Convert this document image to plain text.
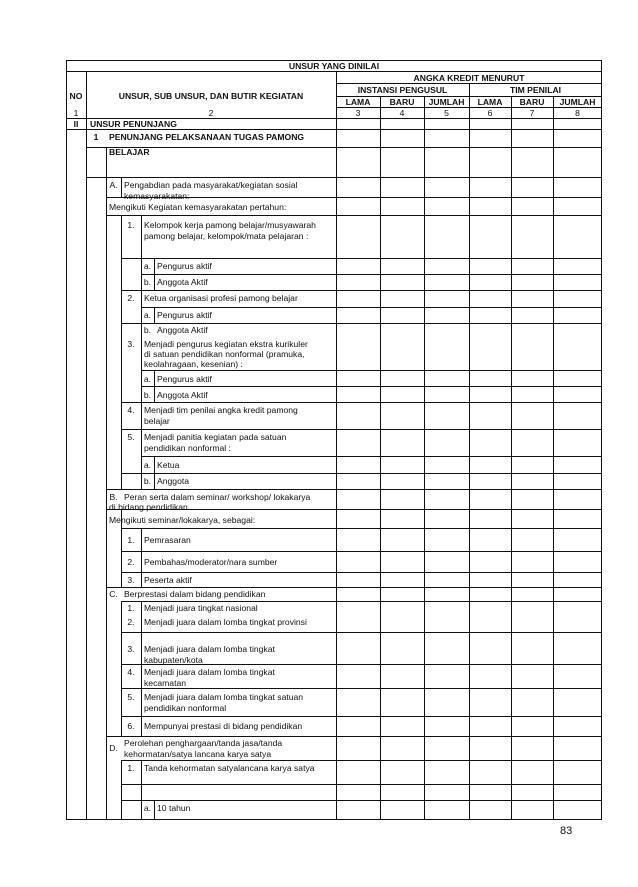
UNSUR YANG DINILAI
NO	UNSUR, SUB UNSUR, DAN BUTIR KEGIATAN
ANGKA KREDIT MENURUT
INSTANSI PENGUSUL	TIM PENILAI
LAMA	BARU	JUMLAH	LAMA	BARU	JUMLAH
1	2	3	4	5	6	7	8
II	UNSUR PENUNJANG
1	PENUNJANG PELAKSANAAN TUGAS PAMONG
BELAJAR
A. Pengabdian pada masyarakat/kegiatan sosial
kemasyarakatan:
Mengikuti Kegiatan kemasyarakatan pertahun:
1.	Kelompok kerja pamong belajar/musyawarah
pamong belajar, kelompok/mata pelajaran :
a. Pengurus aktif
b. Anggota Aktif
2.	Ketua organisasi profesi pamong belajar
a. Pengurus aktif
b. Anggota Aktif
3.	Menjadi pengurus kegiatan ekstra kurikuler
di satuan pendidikan nonformal (pramuka,
keolahragaan, kesenian) :
a. Pengurus aktif
b. Anggota Aktif
4.	Menjadi tim penilai angka kredit pamong
belajar
5.	Menjadi panitia kegiatan pada satuan
pendidikan nonformal :
a. Ketua
b. Anggota
B. Peran serta dalam seminar/ workshop/ lokakarya
di bidang pendidikan
Mengikuti seminar/lokakarya, sebagai:
1.	Pemrasaran
2.	Pembahas/moderator/nara sumber
3.	Peserta aktif
C. Berprestasi dalam bidang pendidikan
1.	Menjadi juara tingkat nasional
2.	Menjadi juara dalam lomba tingkat provinsi
3.	Menjadi juara dalam lomba tingkat
kabupaten/kota
4.	Menjadi juara dalam lomba tingkat
kecamatan
5.	Menjadi juara dalam lomba tingkat satuan
pendidikan nonformal
6.	Mempunyai prestasi di bidang pendidikan
D. Perolehan penghargaan/tanda jasa/tanda
kehormatan/satya lancana karya satya
1.	Tanda kehormatan satyalancana karya satya
a. 10 tahun
83
